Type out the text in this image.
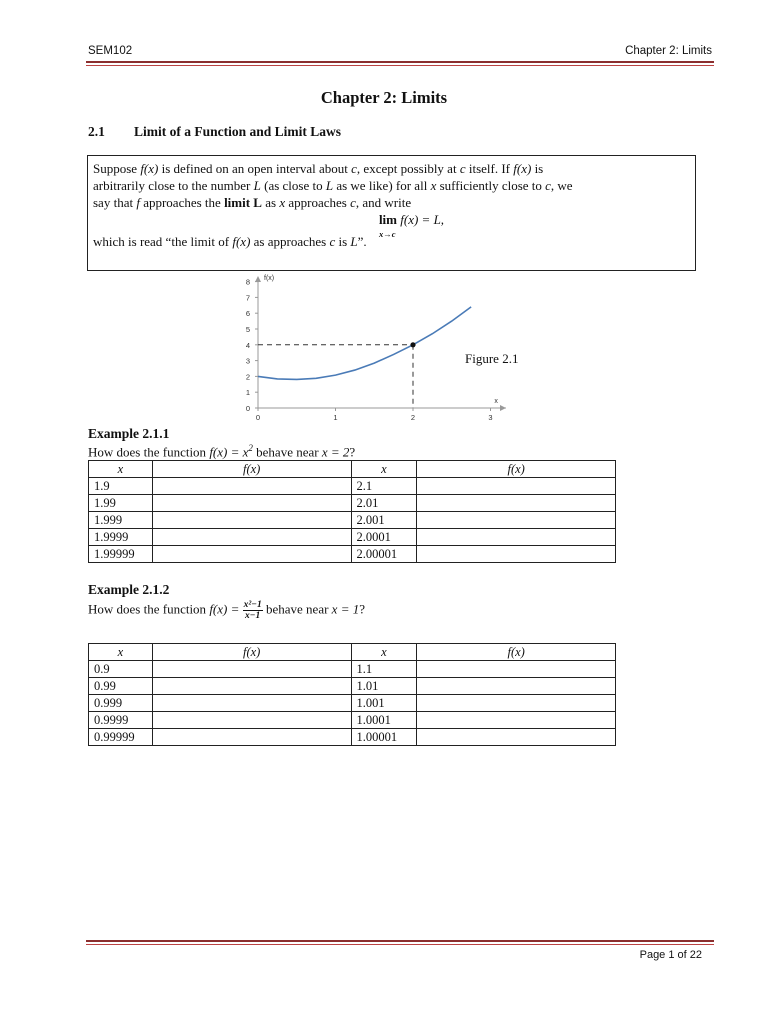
SEM102	Chapter 2: Limits
Chapter 2: Limits
2.1 Limit of a Function and Limit Laws
Suppose f(x) is defined on an open interval about c, except possibly at c itself. If f(x) is
arbitrarily close to the number L (as close to L as we like) for all x sufficiently close to c, we
say that f approaches the limit L as x approaches c, and write
lim f(x) = L,
x→c
which is read “the limit of f(x) as approaches c is L”.
0
1
2
3
4
5
6
7
8
0	1	2	3
f(x)
x
Figure 2.1
Example 2.1.1
How does the function $f(x) = x^2$ behave near x = 2?
x	f(x)	x	f(x)
1.9		2.1	
1.99		2.01	
1.999		2.001	
1.9999		2.0001	
1.99999		2.00001	
Example 2.1.2
How does the function $f(x) = \frac{\text{x²−1}}{x-1}$ behave near x = 1?
x	f(x)	x	f(x)
0.9		1.1	
0.99		1.01	
0.999		1.001	
0.9999		1.0001	
0.99999		1.00001	
Page 1 of 22
